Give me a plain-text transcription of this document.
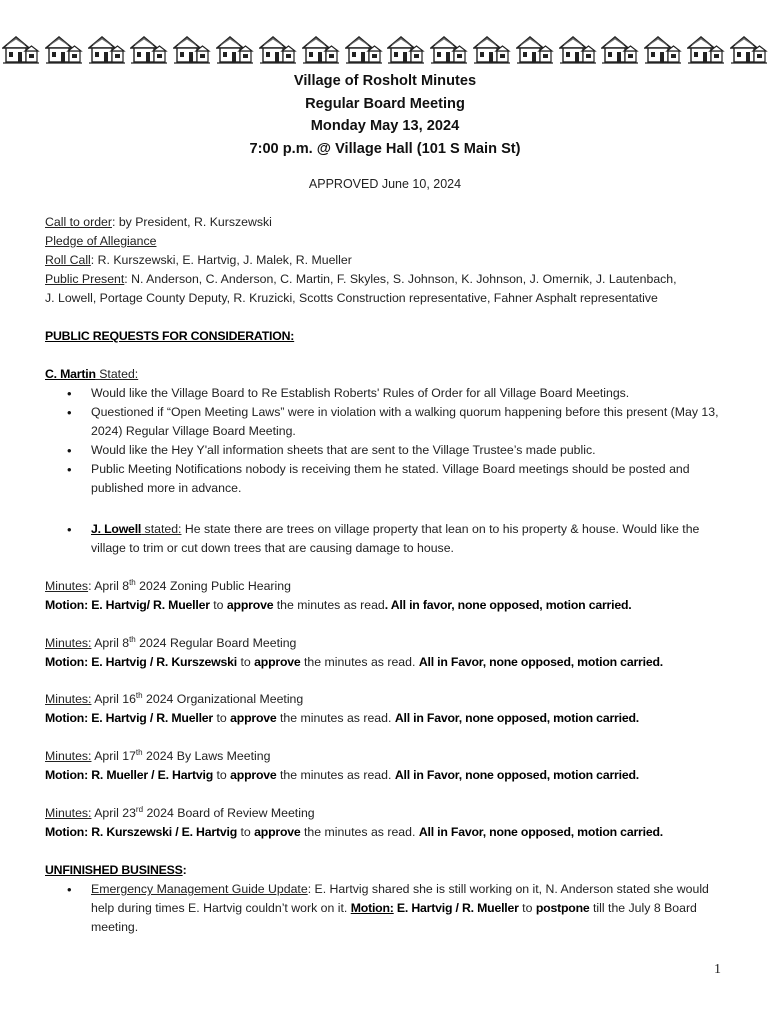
Village of Rosholt Minutes
Regular Board Meeting
Monday May 13, 2024
7:00 p.m. @ Village Hall (101 S Main St)
APPROVED June 10, 2024
Call to order: by President, R. Kurszewski
Pledge of Allegiance
Roll Call: R. Kurszewski, E. Hartvig, J. Malek, R. Mueller
Public Present: N. Anderson, C. Anderson, C. Martin, F. Skyles, S. Johnson, K. Johnson, J. Omernik, J. Lautenbach,
J. Lowell, Portage County Deputy, R. Kruzicki, Scotts Construction representative, Fahner Asphalt representative
PUBLIC REQUESTS FOR CONSIDERATION:
C. Martin Stated:
• Would like the Village Board to Re Establish Roberts' Rules of Order for all Village Board Meetings.
• Questioned if “Open Meeting Laws” were in violation with a walking quorum happening before this present (May 13, 2024) Regular Village Board Meeting.
• Would like the Hey Y'all information sheets that are sent to the Village Trustee’s made public.
• Public Meeting Notifications nobody is receiving them he stated. Village Board meetings should be posted and published more in advance.
• J. Lowell stated: He state there are trees on village property that lean on to his property & house. Would like the village to trim or cut down trees that are causing damage to house.
Minutes: April 8th 2024 Zoning Public Hearing
Motion: E. Hartvig/ R. Mueller to approve the minutes as read. All in favor, none opposed, motion carried.
Minutes: April 8th 2024 Regular Board Meeting
Motion: E. Hartvig / R. Kurszewski to approve the minutes as read. All in Favor, none opposed, motion carried.
Minutes: April 16th 2024 Organizational Meeting
Motion: E. Hartvig / R. Mueller to approve the minutes as read. All in Favor, none opposed, motion carried.
Minutes: April 17th 2024 By Laws Meeting
Motion: R. Mueller / E. Hartvig to approve the minutes as read. All in Favor, none opposed, motion carried.
Minutes: April 23rd 2024 Board of Review Meeting
Motion: R. Kurszewski / E. Hartvig to approve the minutes as read. All in Favor, none opposed, motion carried.
UNFINISHED BUSINESS:
• Emergency Management Guide Update: E. Hartvig shared she is still working on it, N. Anderson stated she would help during times E. Hartvig couldn’t work on it. Motion: E. Hartvig / R. Mueller to postpone till the July 8 Board meeting.
1
